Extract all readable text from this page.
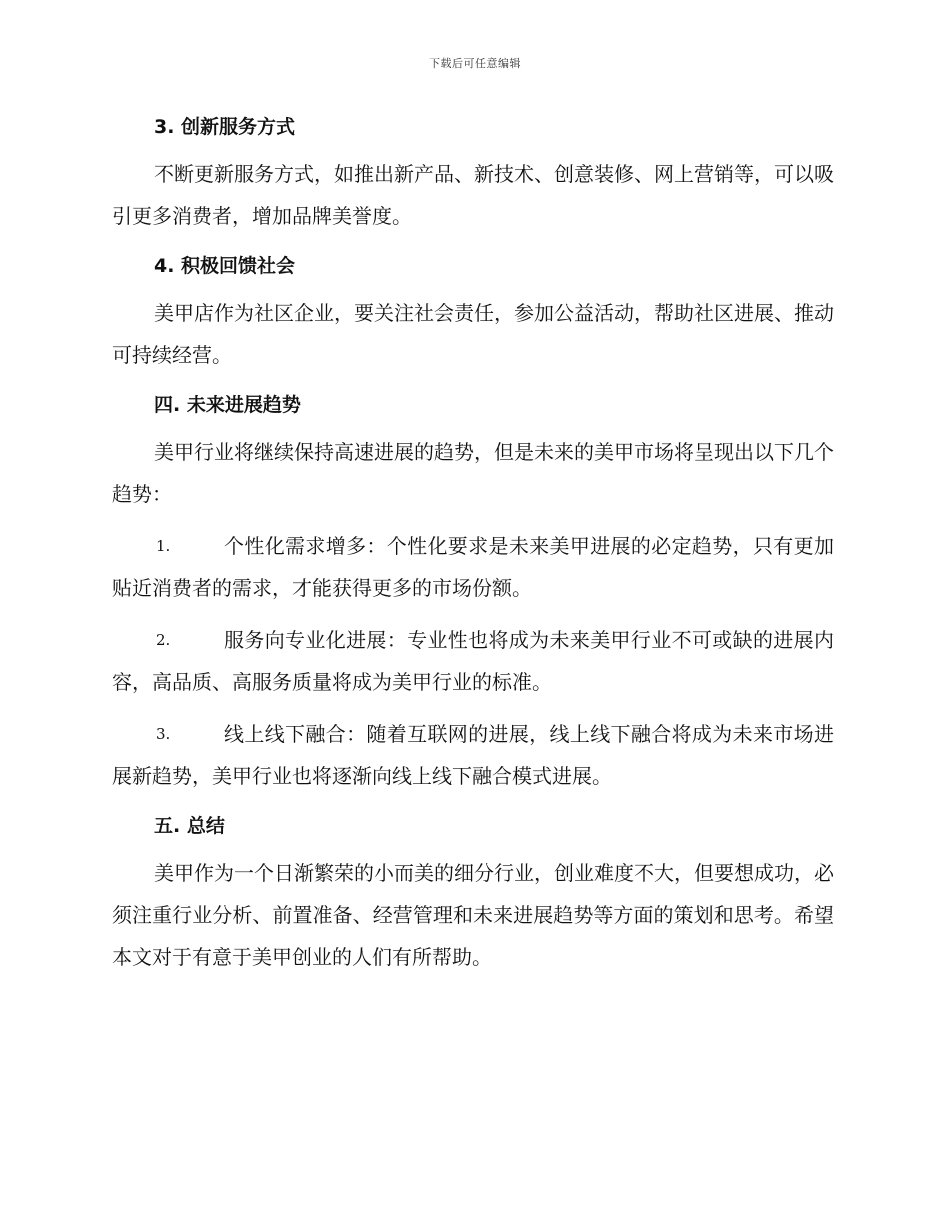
下载后可任意编辑
3. 创新服务方式

不断更新服务方式，如推出新产品、新技术、创意装修、网上营销等，可以吸引更多消费者，增加品牌美誉度。

4. 积极回馈社会

美甲店作为社区企业，要关注社会责任，参加公益活动，帮助社区进展、推动可持续经营。

四. 未来进展趋势

美甲行业将继续保持高速进展的趋势，但是未来的美甲市场将呈现出以下几个趋势：

1.	个性化需求增多：个性化要求是未来美甲进展的必定趋势，只有更加贴近消费者的需求，才能获得更多的市场份额。
2.	服务向专业化进展：专业性也将成为未来美甲行业不可或缺的进展内容，高品质、高服务质量将成为美甲行业的标准。
3.	线上线下融合：随着互联网的进展，线上线下融合将成为未来市场进展新趋势，美甲行业也将逐渐向线上线下融合模式进展。
五. 总结

美甲作为一个日渐繁荣的小而美的细分行业，创业难度不大，但要想成功，必须注重行业分析、前置准备、经营管理和未来进展趋势等方面的策划和思考。希望本文对于有意于美甲创业的人们有所帮助。
